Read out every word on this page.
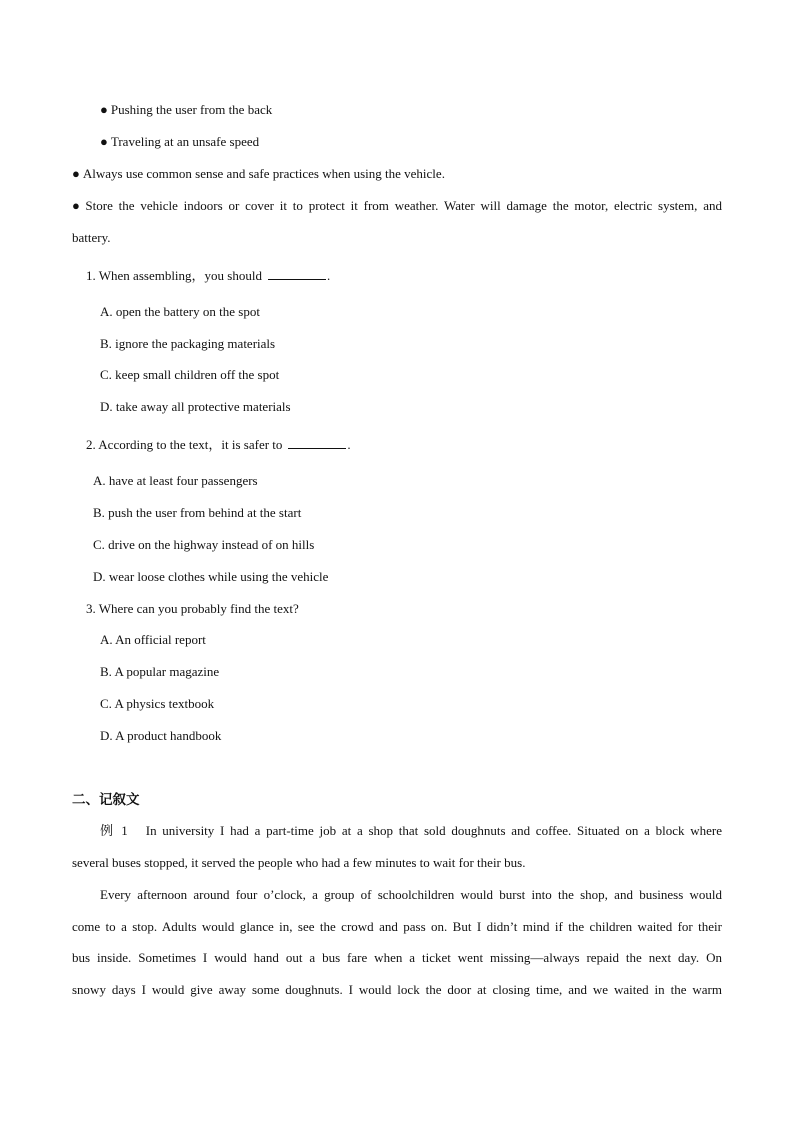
● Pushing the user from the back
● Traveling at an unsafe speed
● Always use common sense and safe practices when using the vehicle.
● Store the vehicle indoors or cover it to protect it from weather. Water will damage the motor, electric system, and
battery.
1. When assembling，you should	.
A. open the battery on the spot
B. ignore the packaging materials
C. keep small children off the spot
D. take away all protective materials
2. According to the text，it is safer to	.
A. have at least four passengers
B. push the user from behind at the start
C. drive on the highway instead of on hills
D. wear loose clothes while using the vehicle
3. Where can you probably find the text?
A. An official report
B. A popular magazine
C. A physics textbook
D. A product handbook
二、记叙文
例 1 In university I had a part-time job at a shop that sold doughnuts and coffee. Situated on a block where
several buses stopped, it served the people who had a few minutes to wait for their bus.
Every afternoon around four o’clock, a group of schoolchildren would burst into the shop, and business would
come to a stop. Adults would glance in, see the crowd and pass on. But I didn’t mind if the children waited for their
bus inside. Sometimes I would hand out a bus fare when a ticket went missing—always repaid the next day. On
snowy days I would give away some doughnuts. I would lock the door at closing time, and we waited in the warm
